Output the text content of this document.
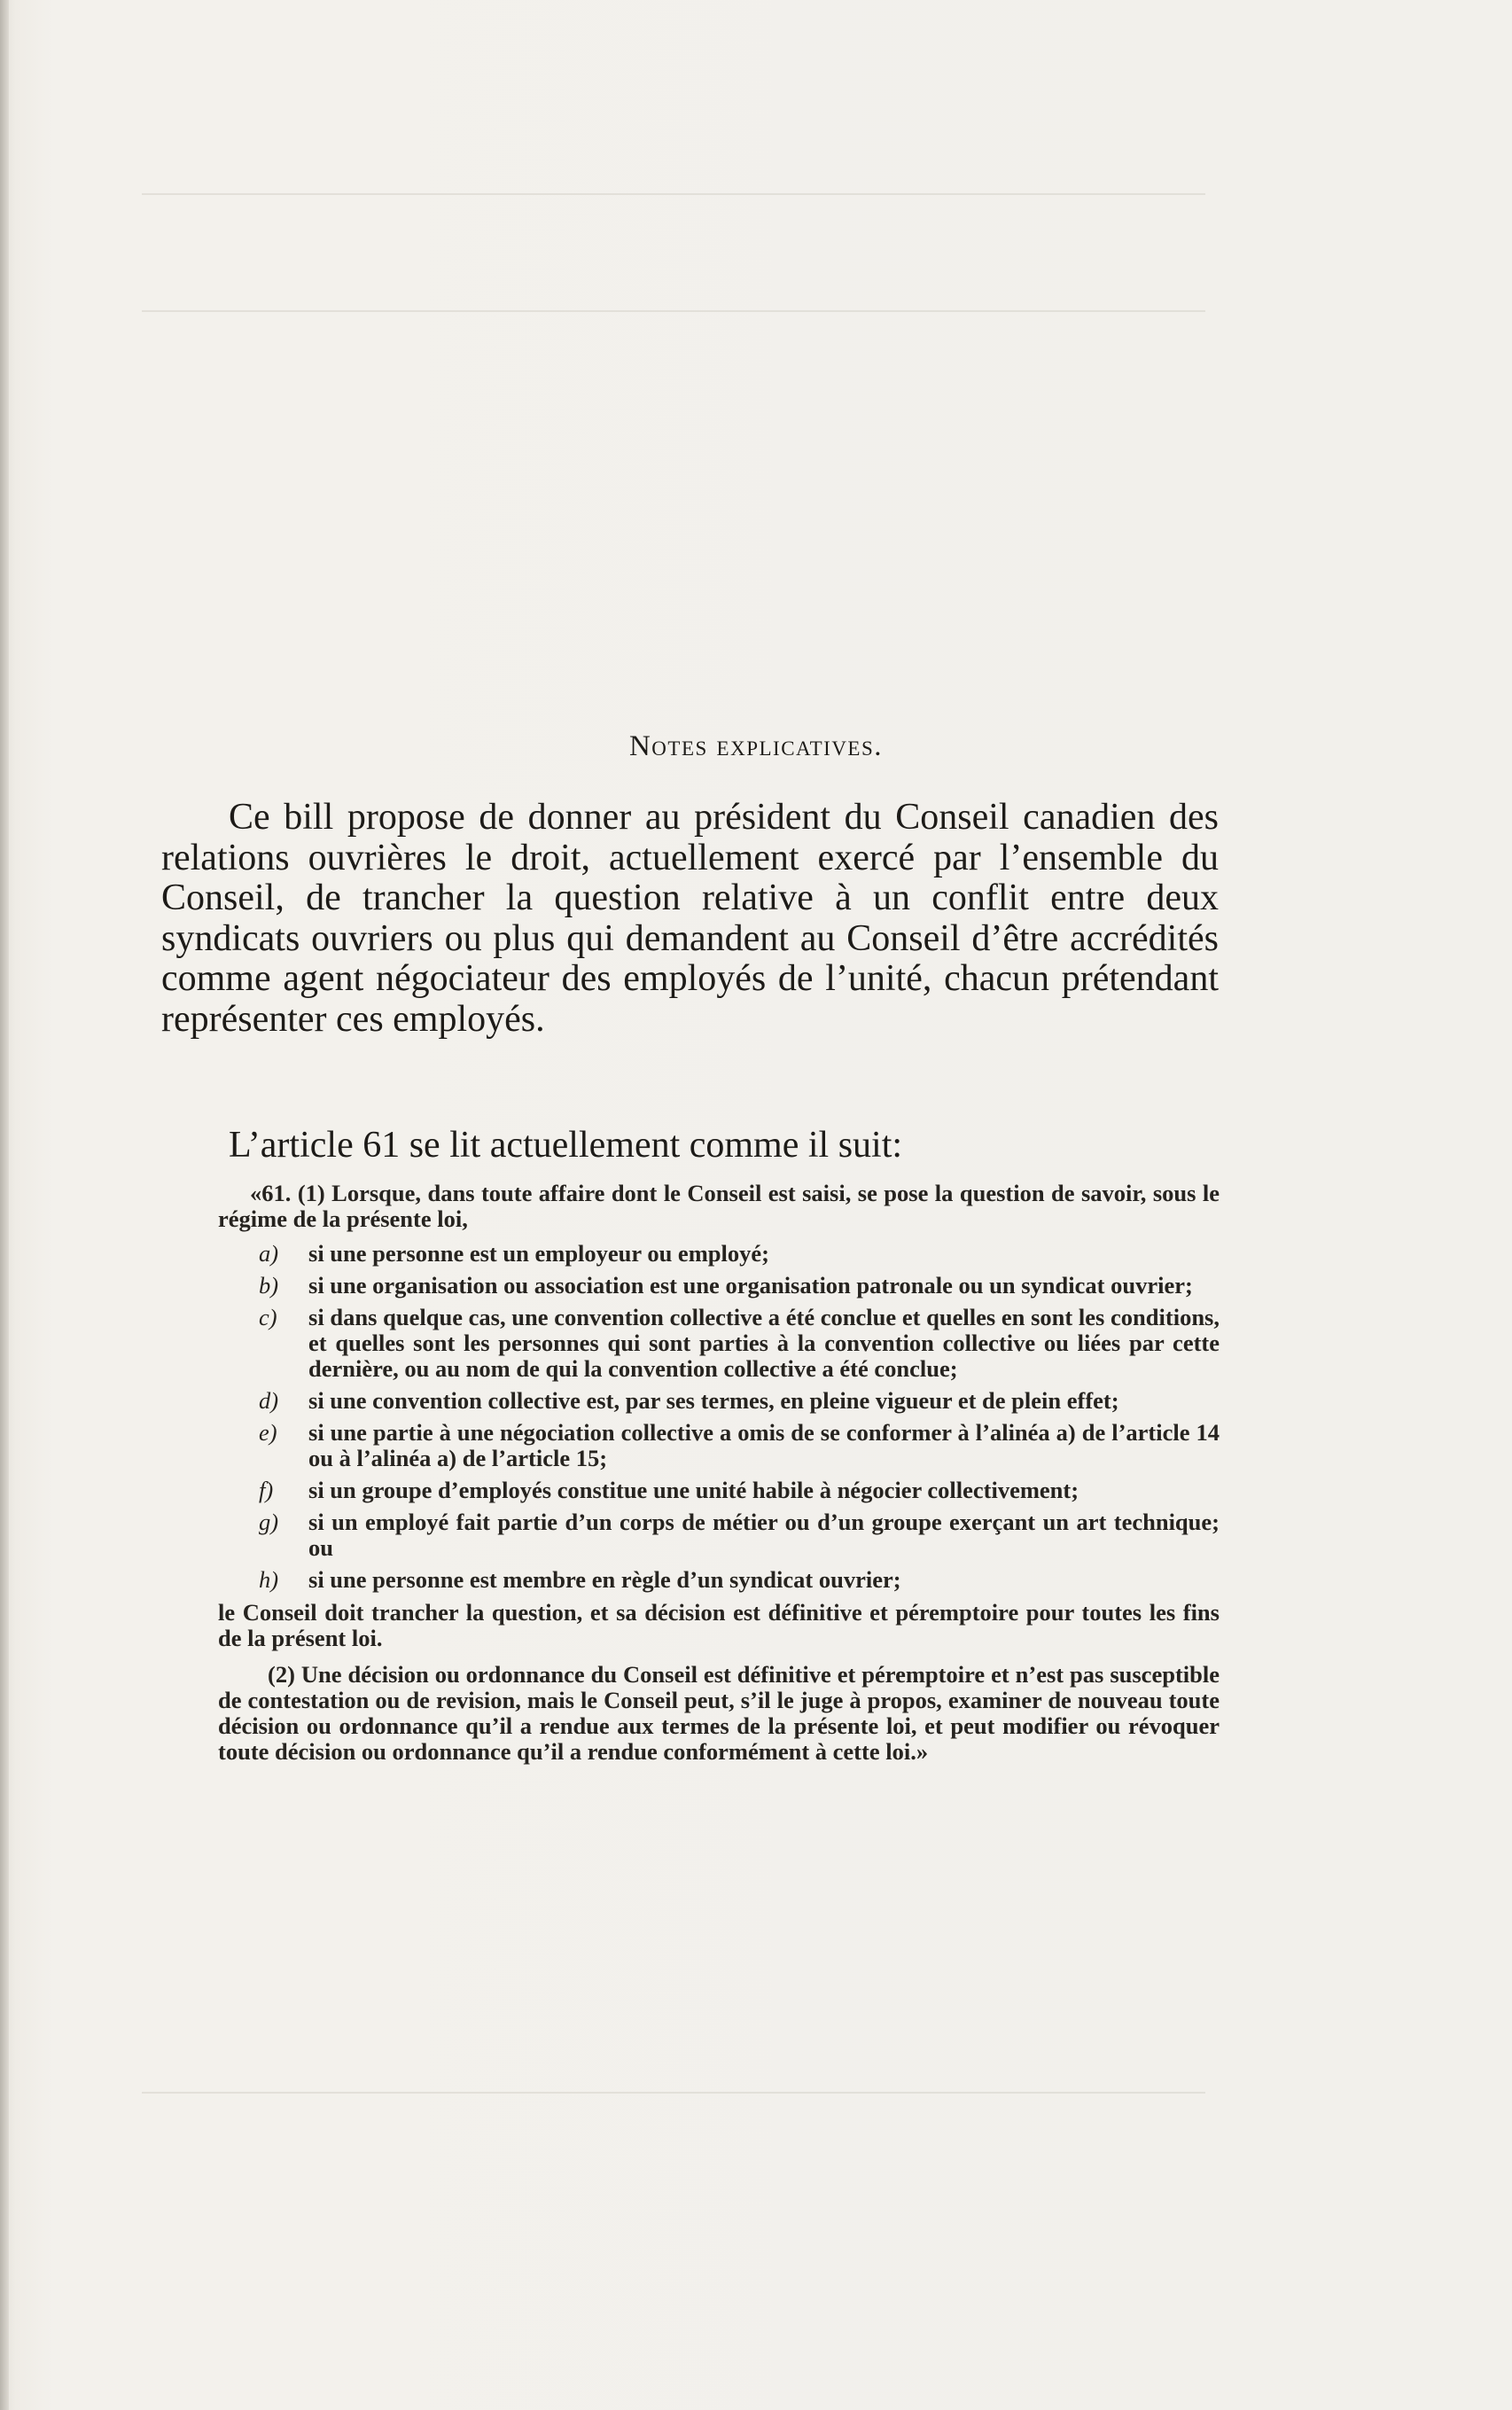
Notes explicatives.

Ce bill propose de donner au président du Conseil canadien des relations ouvrières le droit, actuellement exercé par l’ensemble du Conseil, de trancher la question relative à un conflit entre deux syndicats ouvriers ou plus qui demandent au Conseil d’être accrédités comme agent négociateur des employés de l’unité, chacun prétendant représenter ces employés.

L’article 61 se lit actuellement comme il suit:

«61. (1) Lorsque, dans toute affaire dont le Conseil est saisi, se pose la question de savoir, sous le régime de la présente loi,

a)	si une personne est un employeur ou employé;
b)	si une organisation ou association est une organisation patronale ou un syndicat ouvrier;
c)	si dans quelque cas, une convention collective a été conclue et quelles en sont les conditions, et quelles sont les personnes qui sont parties à la convention collective ou liées par cette dernière, ou au nom de qui la convention collective a été conclue;
d)	si une convention collective est, par ses termes, en pleine vigueur et de plein effet;
e)	si une partie à une négociation collective a omis de se conformer à l’alinéa a) de l’article 14 ou à l’alinéa a) de l’article 15;
f)	si un groupe d’employés constitue une unité habile à négocier collectivement;
g)	si un employé fait partie d’un corps de métier ou d’un groupe exerçant un art technique; ou
h)	si une personne est membre en règle d’un syndicat ouvrier;

le Conseil doit trancher la question, et sa décision est définitive et péremptoire pour toutes les fins de la présent loi.

(2) Une décision ou ordonnance du Conseil est définitive et péremptoire et n’est pas susceptible de contestation ou de revision, mais le Conseil peut, s’il le juge à propos, examiner de nouveau toute décision ou ordonnance qu’il a rendue aux termes de la présente loi, et peut modifier ou révoquer toute décision ou ordonnance qu’il a rendue conformément à cette loi.»
